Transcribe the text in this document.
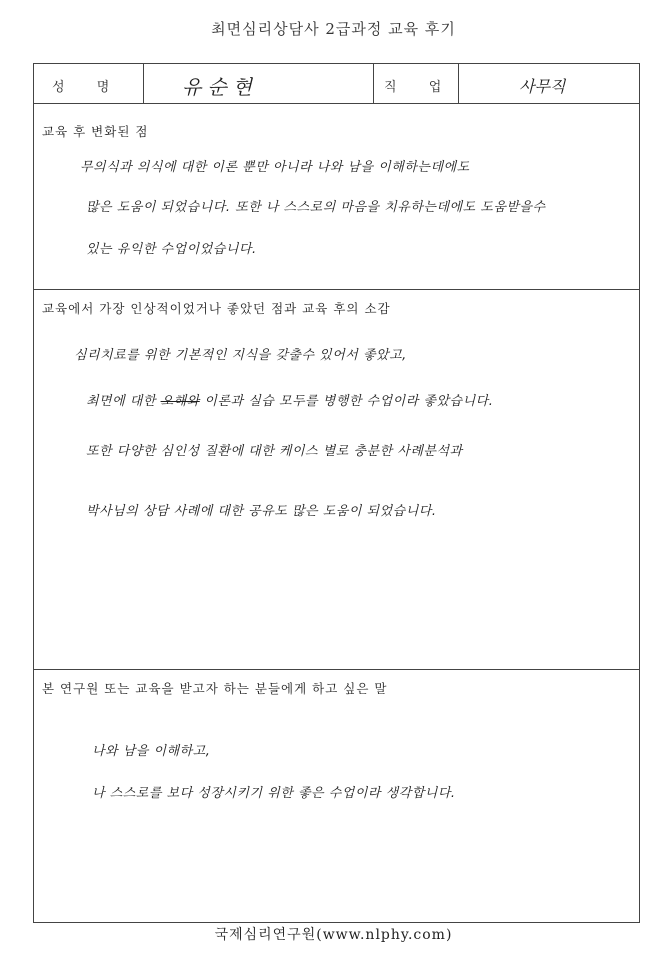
최면심리상담사 2급과정 교육 후기
성 명	유순현	직 업	사무직
교육 후 변화된 점
무의식과 의식에 대한 이론 뿐만 아니라 나와 남을 이해하는데에도
많은 도움이 되었습니다. 또한 나 스스로의 마음을 치유하는데에도 도움받을수
있는 유익한 수업이었습니다.
교육에서 가장 인상적이었거나 좋았던 점과 교육 후의 소감
심리치료를 위한 기본적인 지식을 갖출수 있어서 좋았고,
최면에 대한 오해와 이론과 실습 모두를 병행한 수업이라 좋았습니다.
또한 다양한 심인성 질환에 대한 케이스 별로 충분한 사례분석과
박사님의 상담 사례에 대한 공유도 많은 도움이 되었습니다.
본 연구원 또는 교육을 받고자 하는 분들에게 하고 싶은 말
나와 남을 이해하고,
나 스스로를 보다 성장시키기 위한 좋은 수업이라 생각합니다.
국제심리연구원(www.nlphy.com)
